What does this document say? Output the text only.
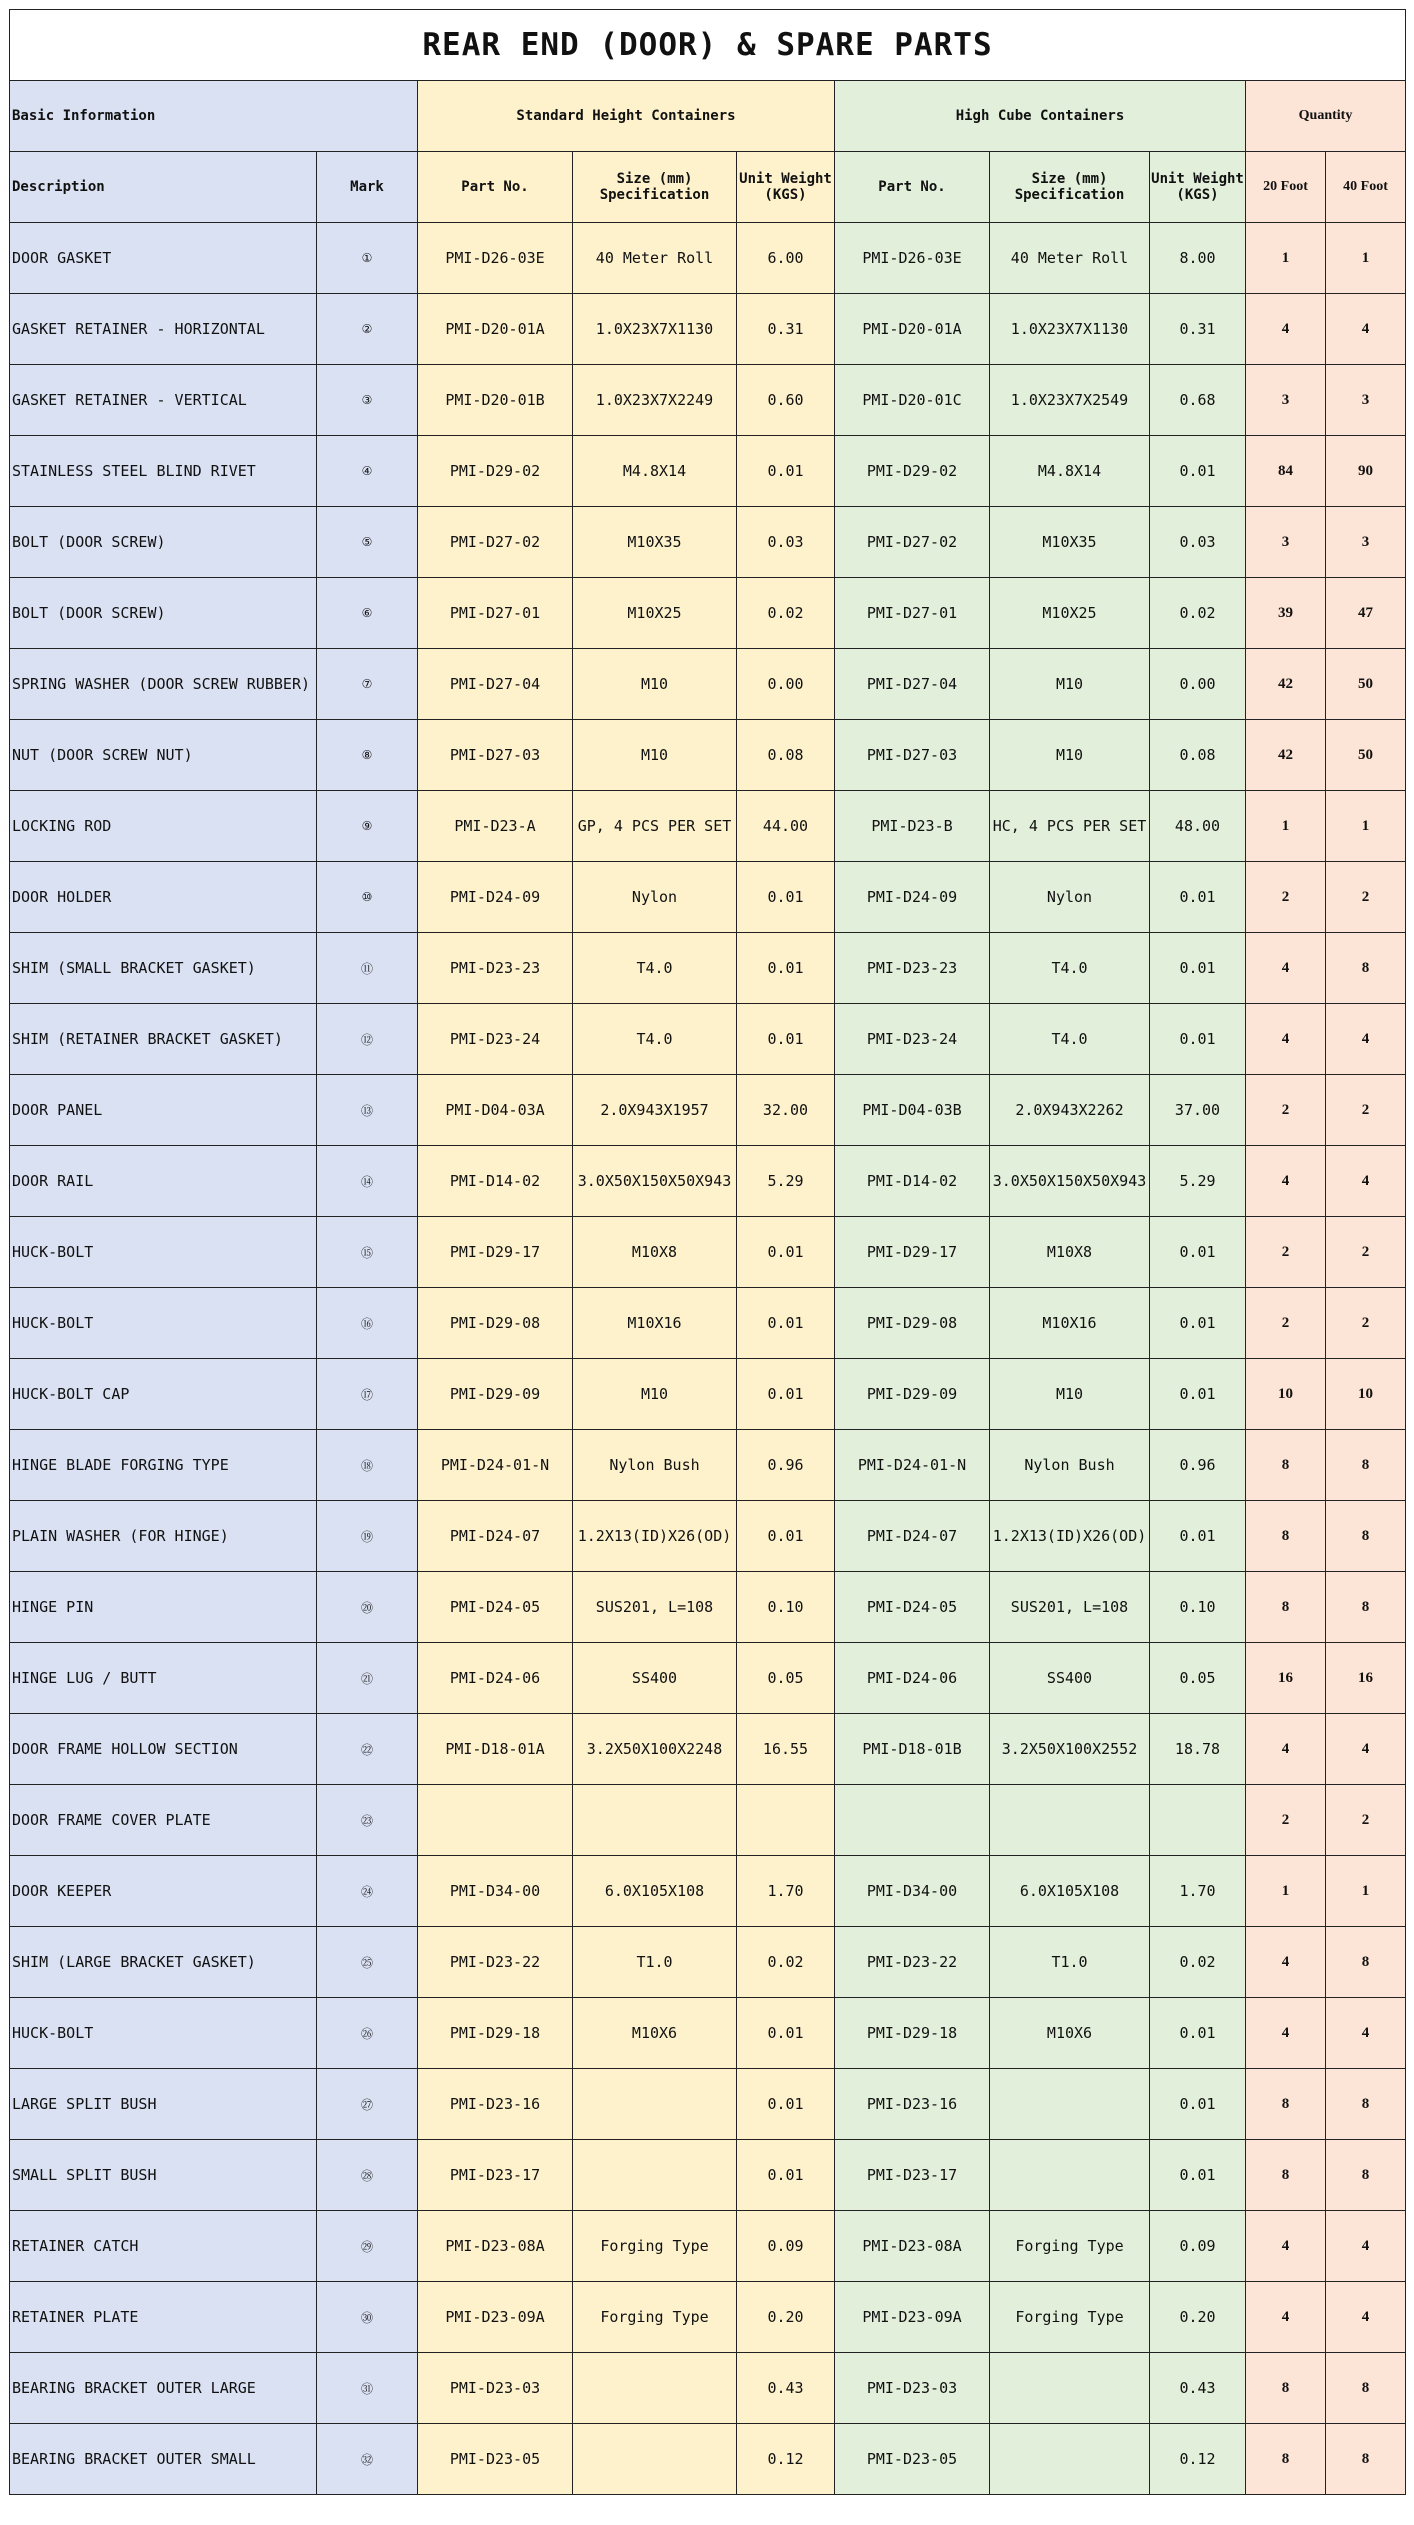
REAR END (DOOR) & SPARE PARTS									
Basic Information		Standard Height Containers			High Cube Containers			Quantity	
Description	Mark	Part No.	Size (mm) Specification	Unit Weight (KGS)	Part No.	Size (mm) Specification	Unit Weight (KGS)	20 Foot	40 Foot
DOOR GASKET	①	PMI-D26-03E	40 Meter Roll	6.00	PMI-D26-03E	40 Meter Roll	8.00	1	1
GASKET RETAINER - HORIZONTAL	②	PMI-D20-01A	1.0X23X7X1130	0.31	PMI-D20-01A	1.0X23X7X1130	0.31	4	4
GASKET RETAINER - VERTICAL	③	PMI-D20-01B	1.0X23X7X2249	0.60	PMI-D20-01C	1.0X23X7X2549	0.68	3	3
STAINLESS STEEL BLIND RIVET	④	PMI-D29-02	M4.8X14	0.01	PMI-D29-02	M4.8X14	0.01	84	90
BOLT (DOOR SCREW)	⑤	PMI-D27-02	M10X35	0.03	PMI-D27-02	M10X35	0.03	3	3
BOLT (DOOR SCREW)	⑥	PMI-D27-01	M10X25	0.02	PMI-D27-01	M10X25	0.02	39	47
SPRING WASHER (DOOR SCREW RUBBER)	⑦	PMI-D27-04	M10	0.00	PMI-D27-04	M10	0.00	42	50
NUT (DOOR SCREW NUT)	⑧	PMI-D27-03	M10	0.08	PMI-D27-03	M10	0.08	42	50
LOCKING ROD	⑨	PMI-D23-A	GP, 4 PCS PER SET	44.00	PMI-D23-B	HC, 4 PCS PER SET	48.00	1	1
DOOR HOLDER	⑩	PMI-D24-09	Nylon	0.01	PMI-D24-09	Nylon	0.01	2	2
SHIM (SMALL BRACKET GASKET)	⑪	PMI-D23-23	T4.0	0.01	PMI-D23-23	T4.0	0.01	4	8
SHIM (RETAINER BRACKET GASKET)	⑫	PMI-D23-24	T4.0	0.01	PMI-D23-24	T4.0	0.01	4	4
DOOR PANEL	⑬	PMI-D04-03A	2.0X943X1957	32.00	PMI-D04-03B	2.0X943X2262	37.00	2	2
DOOR RAIL	⑭	PMI-D14-02	3.0X50X150X50X943	5.29	PMI-D14-02	3.0X50X150X50X943	5.29	4	4
HUCK-BOLT	⑮	PMI-D29-17	M10X8	0.01	PMI-D29-17	M10X8	0.01	2	2
HUCK-BOLT	⑯	PMI-D29-08	M10X16	0.01	PMI-D29-08	M10X16	0.01	2	2
HUCK-BOLT CAP	⑰	PMI-D29-09	M10	0.01	PMI-D29-09	M10	0.01	10	10
HINGE BLADE FORGING TYPE	⑱	PMI-D24-01-N	Nylon Bush	0.96	PMI-D24-01-N	Nylon Bush	0.96	8	8
PLAIN WASHER (FOR HINGE)	⑲	PMI-D24-07	1.2X13(ID)X26(OD)	0.01	PMI-D24-07	1.2X13(ID)X26(OD)	0.01	8	8
HINGE PIN	⑳	PMI-D24-05	SUS201, L=108	0.10	PMI-D24-05	SUS201, L=108	0.10	8	8
HINGE LUG / BUTT	㉑	PMI-D24-06	SS400	0.05	PMI-D24-06	SS400	0.05	16	16
DOOR FRAME HOLLOW SECTION	㉒	PMI-D18-01A	3.2X50X100X2248	16.55	PMI-D18-01B	3.2X50X100X2552	18.78	4	4
DOOR FRAME COVER PLATE	㉓							2	2
DOOR KEEPER	㉔	PMI-D34-00	6.0X105X108	1.70	PMI-D34-00	6.0X105X108	1.70	1	1
SHIM (LARGE BRACKET GASKET)	㉕	PMI-D23-22	T1.0	0.02	PMI-D23-22	T1.0	0.02	4	8
HUCK-BOLT	㉖	PMI-D29-18	M10X6	0.01	PMI-D29-18	M10X6	0.01	4	4
LARGE SPLIT BUSH	㉗	PMI-D23-16		0.01	PMI-D23-16		0.01	8	8
SMALL SPLIT BUSH	㉘	PMI-D23-17		0.01	PMI-D23-17		0.01	8	8
RETAINER CATCH	㉙	PMI-D23-08A	Forging Type	0.09	PMI-D23-08A	Forging Type	0.09	4	4
RETAINER PLATE	㉚	PMI-D23-09A	Forging Type	0.20	PMI-D23-09A	Forging Type	0.20	4	4
BEARING BRACKET OUTER LARGE	㉛	PMI-D23-03		0.43	PMI-D23-03		0.43	8	8
BEARING BRACKET OUTER SMALL	㉜	PMI-D23-05		0.12	PMI-D23-05		0.12	8	8
